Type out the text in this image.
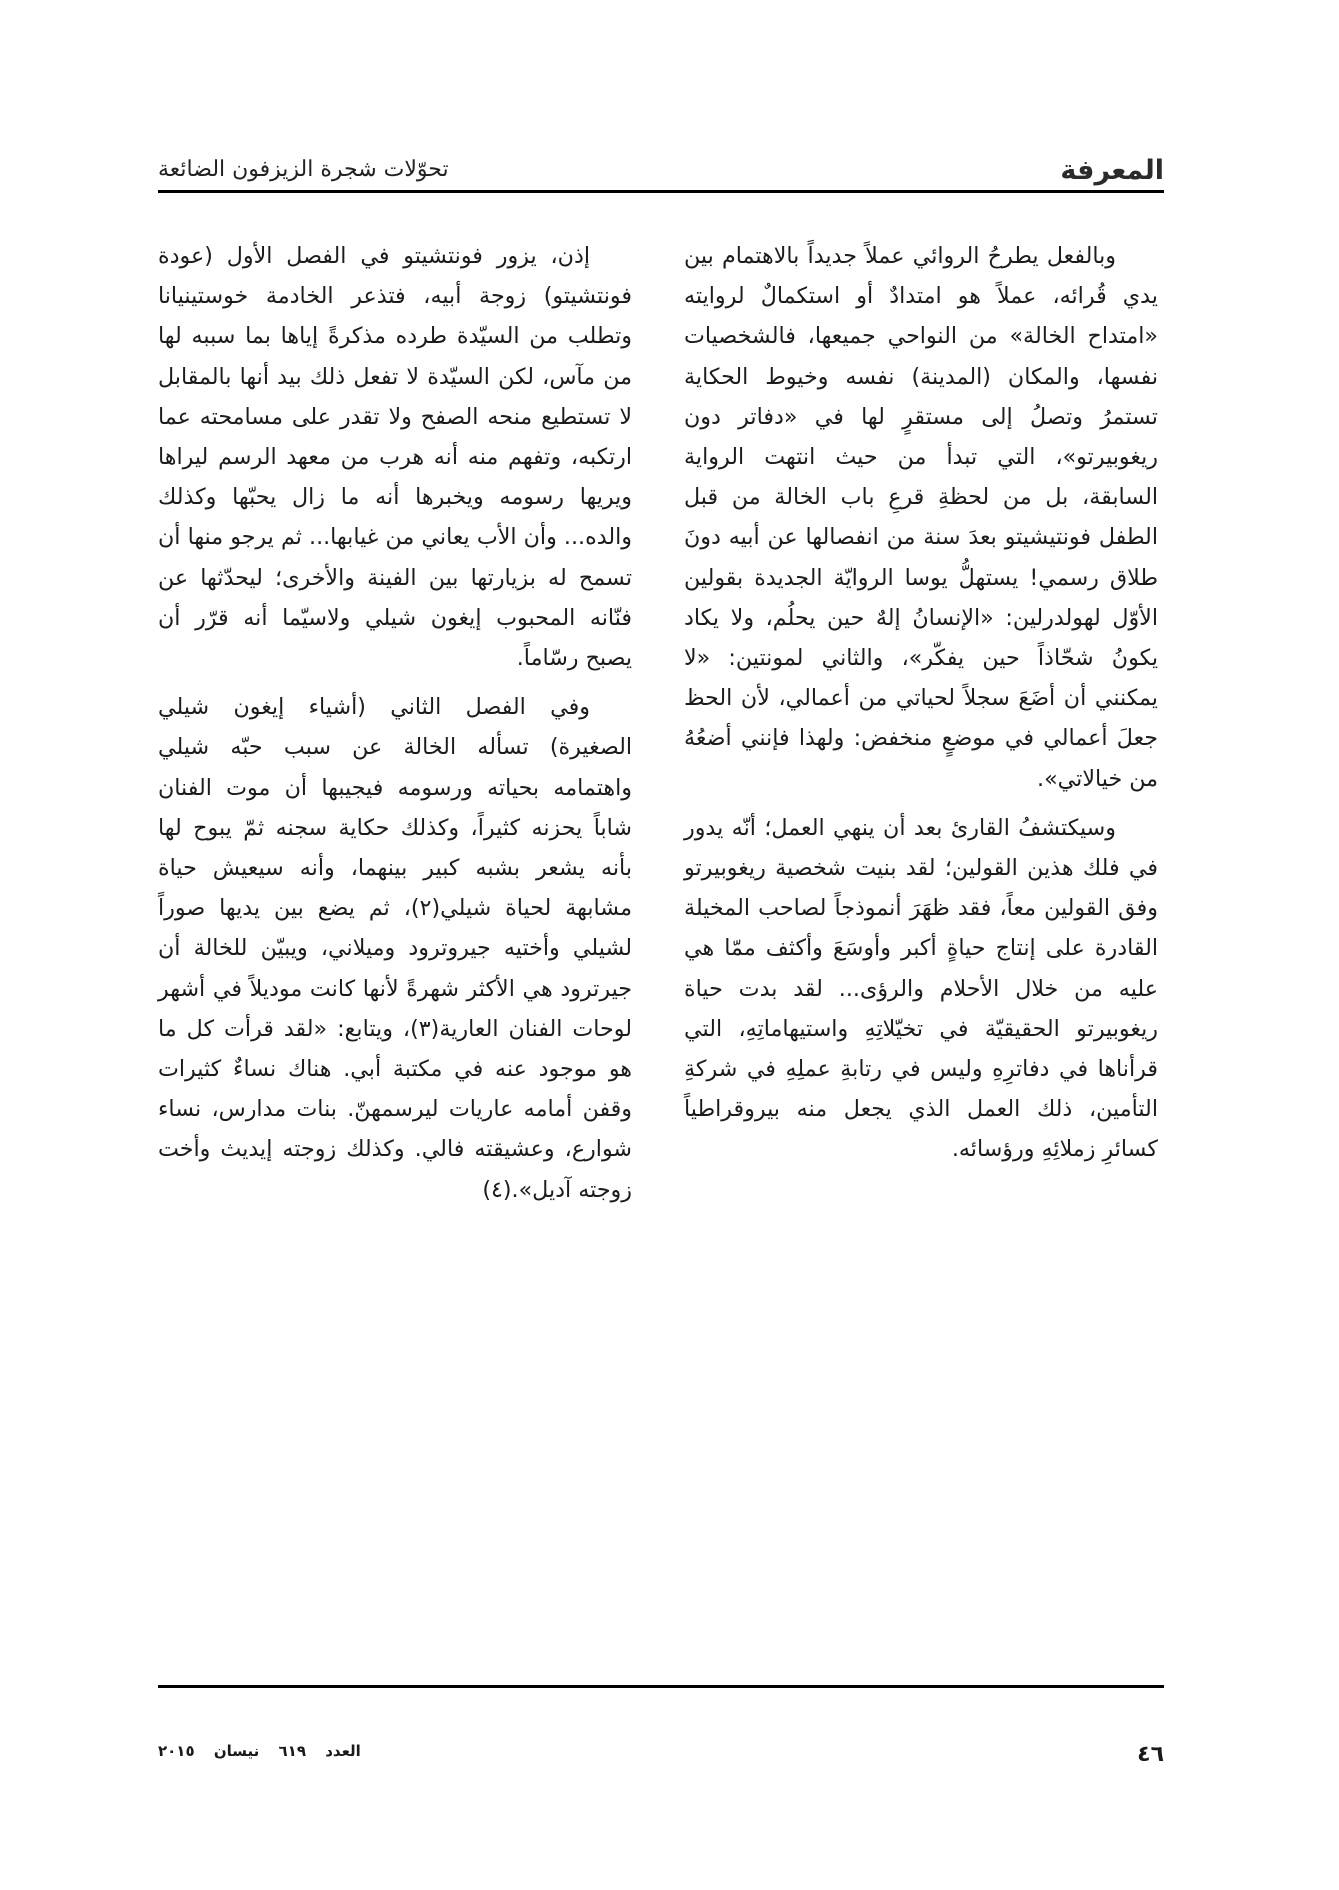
المعرفة
تحوّلات شجرة الزيزفون الضائعة

وبالفعل يطرحُ الروائي عملاً جديداً بالاهتمام بين يدي قُرائه، عملاً هو امتدادٌ أو استكمالٌ لروايته «امتداح الخالة» من النواحي جميعها، فالشخصيات نفسها، والمكان (المدينة) نفسه وخيوط الحكاية تستمرُ وتصلُ إلى مستقرٍ لها في «دفاتر دون ريغوبيرتو»، التي تبدأ من حيث انتهت الرواية السابقة، بل من لحظةِ قرعِ باب الخالة من قبل الطفل فونتيشيتو بعدَ سنة من انفصالها عن أبيه دونَ طلاق رسمي! يستهلُّ يوسا الروايّة الجديدة بقولين الأوّل لهولدرلين: «الإنسانُ إلهٌ حين يحلُم، ولا يكاد يكونُ شحّاذاً حين يفكّر»، والثاني لمونتين: «لا يمكنني أن أضَعَ سجلاً لحياتي من أعمالي، لأن الحظ جعلَ أعمالي في موضعٍ منخفض: ولهذا فإنني أضعُهُ من خيالاتي».

وسيكتشفُ القارئ بعد أن ينهي العمل؛ أنّه يدور في فلك هذين القولين؛ لقد بنيت شخصية ريغوبيرتو وفق القولين معاً، فقد ظهَرَ أنموذجاً لصاحب المخيلة القادرة على إنتاج حياةٍ أكبر وأوسَعَ وأكثف ممّا هي عليه من خلال الأحلام والرؤى... لقد بدت حياة ريغوبيرتو الحقيقيّة في تخيّلاتِهِ واستيهاماتِهِ، التي قرأناها في دفاترِهِ وليس في رتابةِ عملِهِ في شركةِ التأمين، ذلك العمل الذي يجعل منه بيروقراطياً كسائرِ زملائِهِ ورؤسائه.

إذن، يزور فونتشيتو في الفصل الأول (عودة فونتشيتو) زوجة أبيه، فتذعر الخادمة خوستينيانا وتطلب من السيّدة طرده مذكرةً إياها بما سببه لها من مآس، لكن السيّدة لا تفعل ذلك بيد أنها بالمقابل لا تستطيع منحه الصفح ولا تقدر على مسامحته عما ارتكبه، وتفهم منه أنه هرب من معهد الرسم ليراها ويريها رسومه ويخبرها أنه ما زال يحبّها وكذلك والده... وأن الأب يعاني من غيابها... ثم يرجو منها أن تسمح له بزيارتها بين الفينة والأخرى؛ ليحدّثها عن فنّانه المحبوب إيغون شيلي ولاسيّما أنه قرّر أن يصبح رسّاماً.

وفي الفصل الثاني (أشياء إيغون شيلي الصغيرة) تسأله الخالة عن سبب حبّه شيلي واهتمامه بحياته ورسومه فيجيبها أن موت الفنان شاباً يحزنه كثيراً، وكذلك حكاية سجنه ثمّ يبوح لها بأنه يشعر بشبه كبير بينهما، وأنه سيعيش حياة مشابهة لحياة شيلي(٢)، ثم يضع بين يديها صوراً لشيلي وأختيه جيروترود وميلاني، ويبيّن للخالة أن جيرترود هي الأكثر شهرةً لأنها كانت موديلاً في أشهر لوحات الفنان العارية(٣)، ويتابع: «لقد قرأت كل ما هو موجود عنه في مكتبة أبي. هناك نساءٌ كثيرات وقفن أمامه عاريات ليرسمهنّ. بنات مدارس، نساء شوارع، وعشيقته فالي. وكذلك زوجته إيديث وأخت زوجته آديل».(٤)

٤٦
العدد ٦١٩ نيسان ٢٠١٥
